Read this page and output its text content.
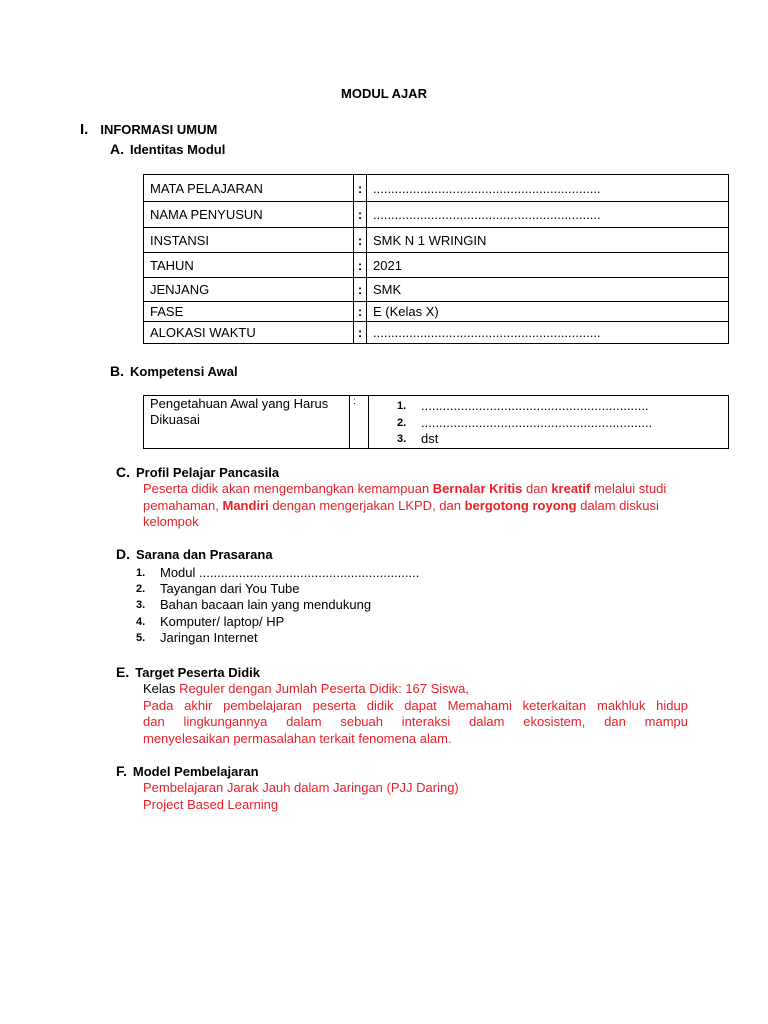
MODUL AJAR
I. INFORMASI UMUM
A. Identitas Modul
MATA PELAJARAN	:	...............................................................
NAMA PENYUSUN	:	...............................................................
INSTANSI	:	SMK N 1 WRINGIN
TAHUN	:	2021
JENJANG	:	SMK
FASE	:	E (Kelas X)
ALOKASI WAKTU	:	...............................................................
B. Kompetensi Awal
Pengetahuan Awal yang Harus Dikuasai	:	1. ...............................................................
2. ................................................................
3. dst
C. Profil Pelajar Pancasila
Peserta didik akan mengembangkan kemampuan Bernalar Kritis dan kreatif melalui studi pemahaman, Mandiri dengan mengerjakan LKPD, dan bergotong royong dalam diskusi kelompok
D. Sarana dan Prasarana
1. Modul .............................................................
2. Tayangan dari You Tube
3. Bahan bacaan lain yang mendukung
4. Komputer/ laptop/ HP
5. Jaringan Internet
E. Target Peserta Didik
Kelas Reguler dengan Jumlah Peserta Didik: 167 Siswa,
Pada akhir pembelajaran peserta didik dapat Memahami keterkaitan makhluk hidup
dan lingkungannya dalam sebuah interaksi dalam ekosistem, dan mampu
menyelesaikan permasalahan terkait fenomena alam.
F. Model Pembelajaran
Pembelajaran Jarak Jauh dalam Jaringan (PJJ Daring)
Project Based Learning
